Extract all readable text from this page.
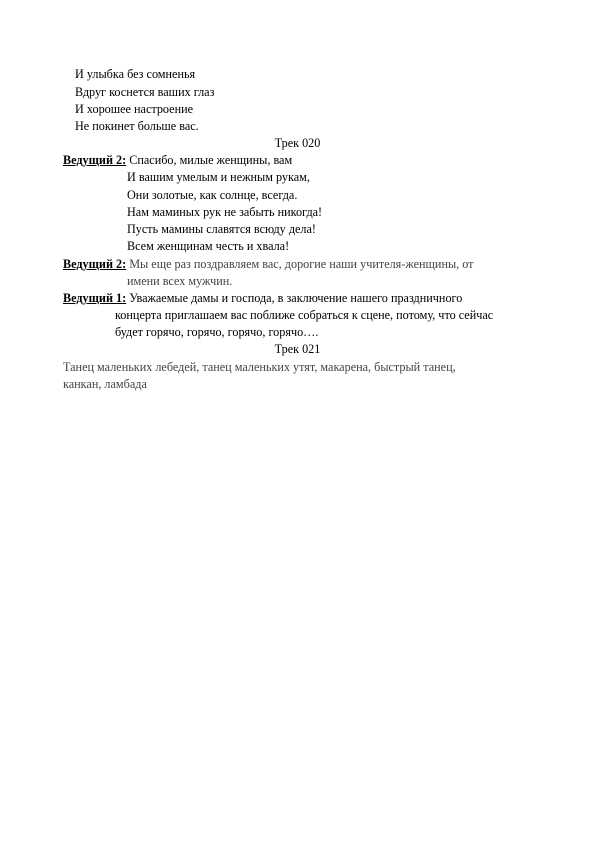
И улыбка без сомненья
Вдруг коснется ваших глаз
И хорошее настроение
Не покинет больше вас.
Трек 020
Ведущий 2: Спасибо, милые женщины, вам
И вашим умелым и нежным рукам,
Они золотые, как солнце, всегда.
Нам маминых рук не забыть никогда!
Пусть мамины славятся всюду дела!
Всем женщинам честь и хвала!
Ведущий 2: Мы еще раз поздравляем вас, дорогие наши учителя-женщины, от
имени всех мужчин.
Ведущий 1: Уважаемые дамы и господа, в заключение нашего праздничного
концерта приглашаем вас поближе собраться к сцене, потому, что сейчас
будет горячо, горячо, горячо, горячо….
Трек 021
Танец маленьких лебедей, танец маленьких утят, макарена, быстрый танец,
канкан, ламбада
